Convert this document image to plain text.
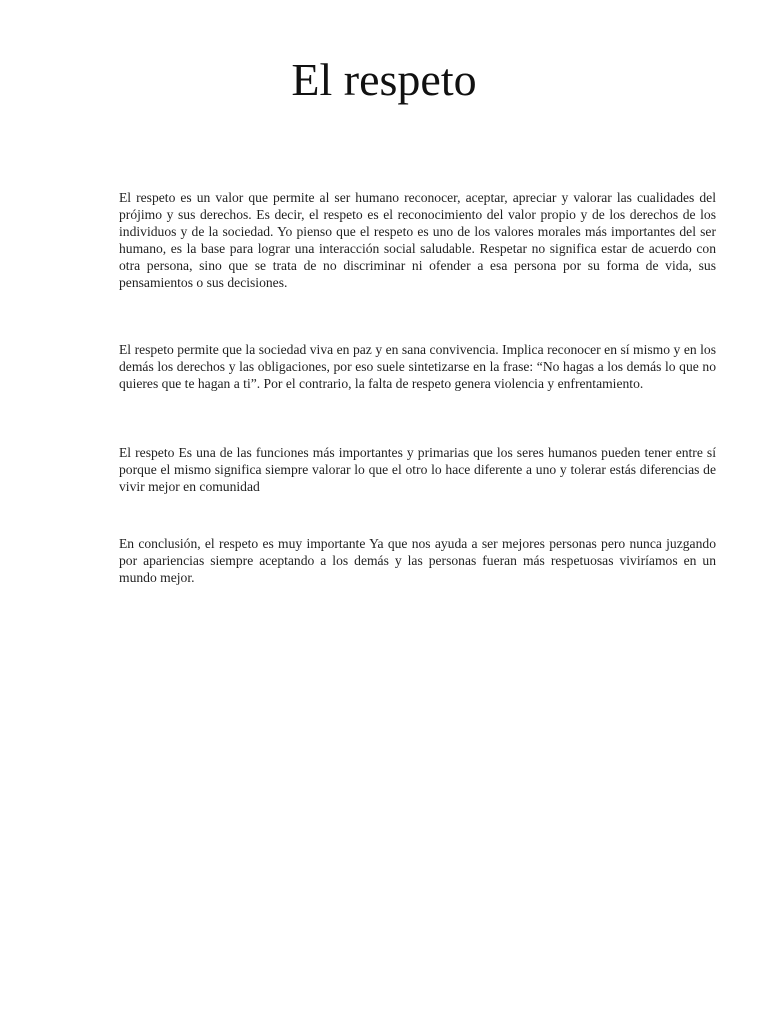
El respeto

El respeto es un valor que permite al ser humano reconocer, aceptar, apreciar y valorar las cualidades del prójimo y sus derechos. Es decir, el respeto es el reconocimiento del valor propio y de los derechos de los individuos y de la sociedad. Yo pienso que el respeto es uno de los valores morales más importantes del ser humano, es la base para lograr una interacción social saludable. Respetar no significa estar de acuerdo con otra persona, sino que se trata de no discriminar ni ofender a esa persona por su forma de vida, sus pensamientos o sus decisiones.

El respeto permite que la sociedad viva en paz y en sana convivencia. Implica reconocer en sí mismo y en los demás los derechos y las obligaciones, por eso suele sintetizarse en la frase: “No hagas a los demás lo que no quieres que te hagan a ti”. Por el contrario, la falta de respeto genera violencia y enfrentamiento.

El respeto Es una de las funciones más importantes y primarias que los seres humanos pueden tener entre sí porque el mismo significa siempre valorar lo que el otro lo hace diferente a uno y tolerar estás diferencias de vivir mejor en comunidad

En conclusión, el respeto es muy importante Ya que nos ayuda a ser mejores personas pero nunca juzgando por apariencias siempre aceptando a los demás y las personas fueran más respetuosas viviríamos en un mundo mejor.
